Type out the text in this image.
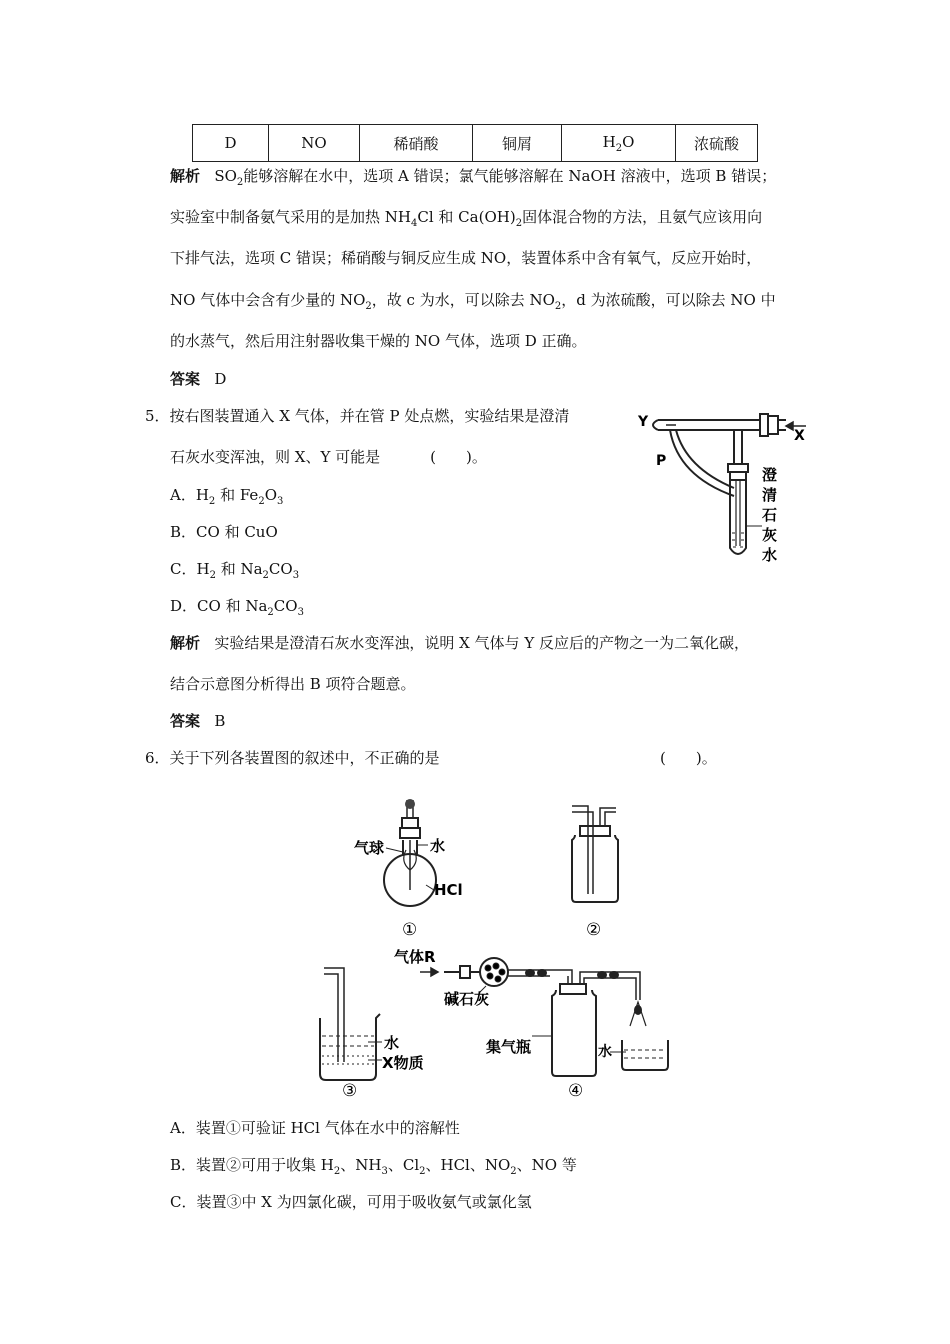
D	NO	稀硝酸	铜屑	$H_2O$	浓硫酸
解析 $SO_2$能够溶解在水中，选项 A 错误；氯气能够溶解在 NaOH 溶液中，选项 B 错误；
实验室中制备氨气采用的是加热 $NH_4Cl$ 和 $Ca(OH)_2$固体混合物的方法，且氨气应该用向
下排气法，选项 C 错误；稀硝酸与铜反应生成 NO，装置体系中含有氧气，反应开始时，
NO 气体中会含有少量的 $NO_2$，故 c 为水，可以除去 $NO_2$，d 为浓硫酸，可以除去 NO 中
的水蒸气，然后用注射器收集干燥的 NO 气体，选项 D 正确。
答案 D
5．按右图装置通入 X 气体，并在管 P 处点燃，实验结果是澄清
石灰水变浑浊，则 X、Y 可能是	(　　)。
A．$H_2$ 和 $Fe_2O_3$
B．CO 和 CuO
C．$H_2$ 和 $Na_2CO_3$
D．CO 和 $Na_2CO_3$
Y
X
P
澄
清
石
灰
水
解析 实验结果是澄清石灰水变浑浊，说明 X 气体与 Y 反应后的产物之一为二氧化碳，
结合示意图分析得出 B 项符合题意。
答案 B
6．关于下列各装置图的叙述中，不正确的是	(　　)。
气球	水
HCl
①	②
水
X物质
③
气体R
碱石灰
集气瓶	水
④
A．装置①可验证 HCl 气体在水中的溶解性
B．装置②可用于收集 $H_2$、$NH_3$、$Cl_2$、HCl、$NO_2$、NO 等
C．装置③中 X 为四氯化碳，可用于吸收氨气或氯化氢
